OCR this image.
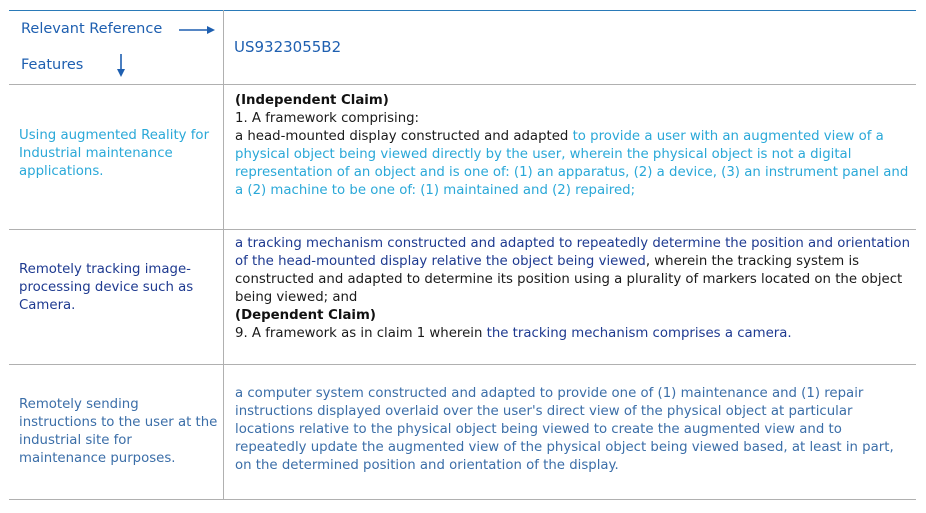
Relevant Reference
Features
US9323055B2
Using augmented Reality for Industrial maintenance applications.
(Independent Claim)
1. A framework comprising:
a head-mounted display constructed and adapted to provide a user with an augmented view of a physical object being viewed directly by the user, wherein the physical object is not a digital representation of an object and is one of: (1) an apparatus, (2) a device, (3) an instrument panel and a (2) machine to be one of: (1) maintained and (2) repaired;
Remotely tracking image-processing device such as Camera.
a tracking mechanism constructed and adapted to repeatedly determine the position and orientation of the head-mounted display relative the object being viewed, wherein the tracking system is constructed and adapted to determine its position using a plurality of markers located on the object being viewed; and
(Dependent Claim)
9. A framework as in claim 1 wherein the tracking mechanism comprises a camera.
Remotely sending instructions to the user at the industrial site for maintenance purposes.
a computer system constructed and adapted to provide one of (1) maintenance and (1) repair instructions displayed overlaid over the user's direct view of the physical object at particular locations relative to the physical object being viewed to create the augmented view and to repeatedly update the augmented view of the physical object being viewed based, at least in part, on the determined position and orientation of the display.
